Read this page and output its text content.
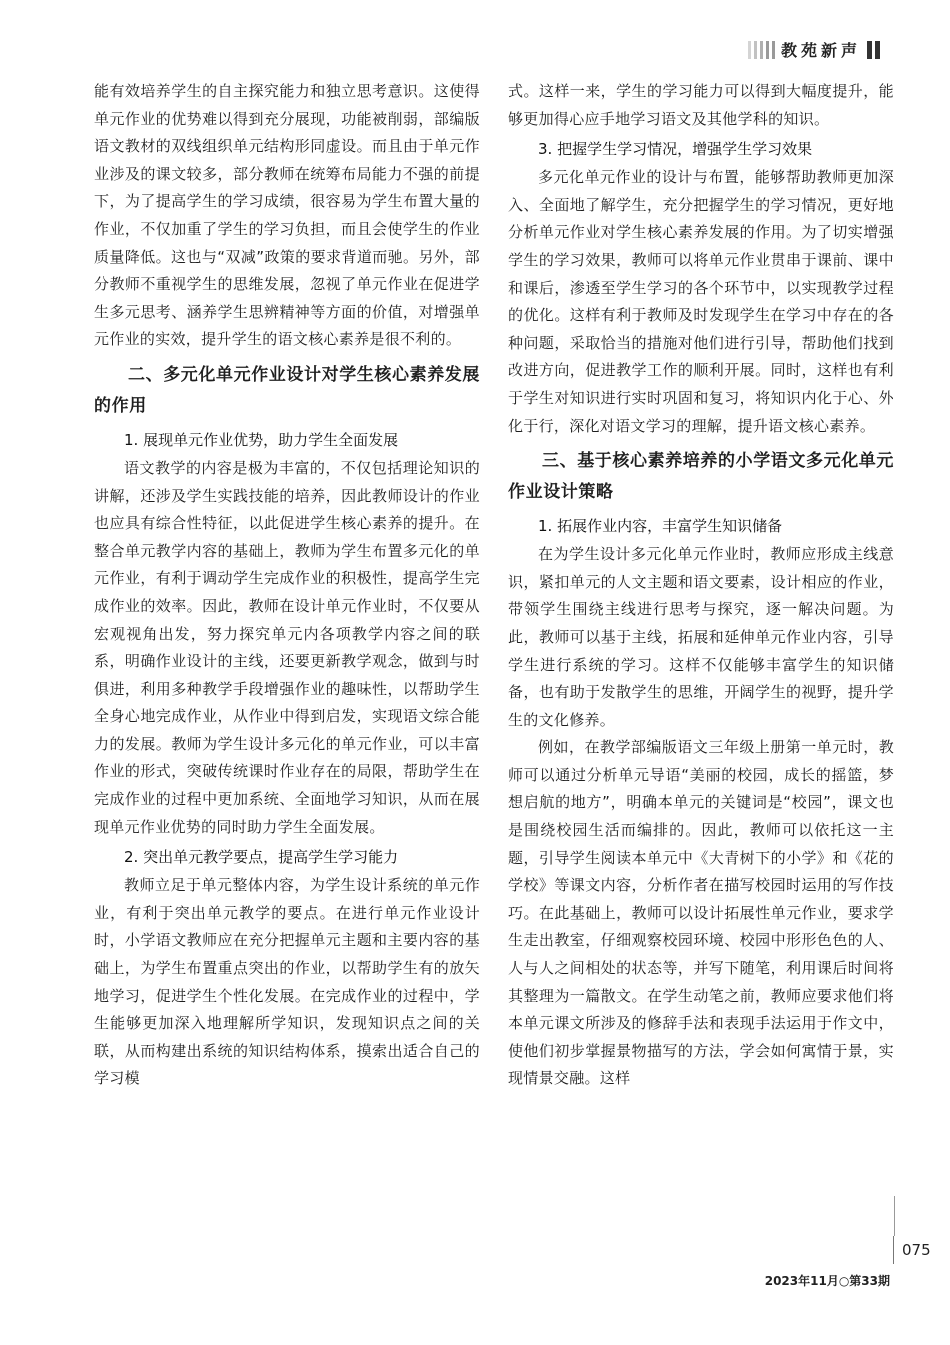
教苑新声

能有效培养学生的自主探究能力和独立思考意识。这使得单元作业的优势难以得到充分展现，功能被削弱，部编版语文教材的双线组织单元结构形同虚设。而且由于单元作业涉及的课文较多，部分教师在统筹布局能力不强的前提下，为了提高学生的学习成绩，很容易为学生布置大量的作业，不仅加重了学生的学习负担，而且会使学生的作业质量降低。这也与“双减”政策的要求背道而驰。另外，部分教师不重视学生的思维发展，忽视了单元作业在促进学生多元思考、涵养学生思辨精神等方面的价值，对增强单元作业的实效，提升学生的语文核心素养是很不利的。

二、多元化单元作业设计对学生核心素养发展的作用
1. 展现单元作业优势，助力学生全面发展

语文教学的内容是极为丰富的，不仅包括理论知识的讲解，还涉及学生实践技能的培养，因此教师设计的作业也应具有综合性特征，以此促进学生核心素养的提升。在整合单元教学内容的基础上，教师为学生布置多元化的单元作业，有利于调动学生完成作业的积极性，提高学生完成作业的效率。因此，教师在设计单元作业时，不仅要从宏观视角出发，努力探究单元内各项教学内容之间的联系，明确作业设计的主线，还要更新教学观念，做到与时俱进，利用多种教学手段增强作业的趣味性，以帮助学生全身心地完成作业，从作业中得到启发，实现语文综合能力的发展。教师为学生设计多元化的单元作业，可以丰富作业的形式，突破传统课时作业存在的局限，帮助学生在完成作业的过程中更加系统、全面地学习知识，从而在展现单元作业优势的同时助力学生全面发展。

2. 突出单元教学要点，提高学生学习能力

教师立足于单元整体内容，为学生设计系统的单元作业，有利于突出单元教学的要点。在进行单元作业设计时，小学语文教师应在充分把握单元主题和主要内容的基础上，为学生布置重点突出的作业，以帮助学生有的放矢地学习，促进学生个性化发展。在完成作业的过程中，学生能够更加深入地理解所学知识，发现知识点之间的关联，从而构建出系统的知识结构体系，摸索出适合自己的学习模

式。这样一来，学生的学习能力可以得到大幅度提升，能够更加得心应手地学习语文及其他学科的知识。

3. 把握学生学习情况，增强学生学习效果

多元化单元作业的设计与布置，能够帮助教师更加深入、全面地了解学生，充分把握学生的学习情况，更好地分析单元作业对学生核心素养发展的作用。为了切实增强学生的学习效果，教师可以将单元作业贯串于课前、课中和课后，渗透至学生学习的各个环节中，以实现教学过程的优化。这样有利于教师及时发现学生在学习中存在的各种问题，采取恰当的措施对他们进行引导，帮助他们找到改进方向，促进教学工作的顺利开展。同时，这样也有利于学生对知识进行实时巩固和复习，将知识内化于心、外化于行，深化对语文学习的理解，提升语文核心素养。

三、基于核心素养培养的小学语文多元化单元作业设计策略
1. 拓展作业内容，丰富学生知识储备

在为学生设计多元化单元作业时，教师应形成主线意识，紧扣单元的人文主题和语文要素，设计相应的作业，带领学生围绕主线进行思考与探究，逐一解决问题。为此，教师可以基于主线，拓展和延伸单元作业内容，引导学生进行系统的学习。这样不仅能够丰富学生的知识储备，也有助于发散学生的思维，开阔学生的视野，提升学生的文化修养。

例如，在教学部编版语文三年级上册第一单元时，教师可以通过分析单元导语“美丽的校园，成长的摇篮，梦想启航的地方”，明确本单元的关键词是“校园”，课文也是围绕校园生活而编排的。因此，教师可以依托这一主题，引导学生阅读本单元中《大青树下的小学》和《花的学校》等课文内容，分析作者在描写校园时运用的写作技巧。在此基础上，教师可以设计拓展性单元作业，要求学生走出教室，仔细观察校园环境、校园中形形色色的人、人与人之间相处的状态等，并写下随笔，利用课后时间将其整理为一篇散文。在学生动笔之前，教师应要求他们将本单元课文所涉及的修辞手法和表现手法运用于作文中，使他们初步掌握景物描写的方法，学会如何寓情于景，实现情景交融。这样

075
2023年11月○第33期
